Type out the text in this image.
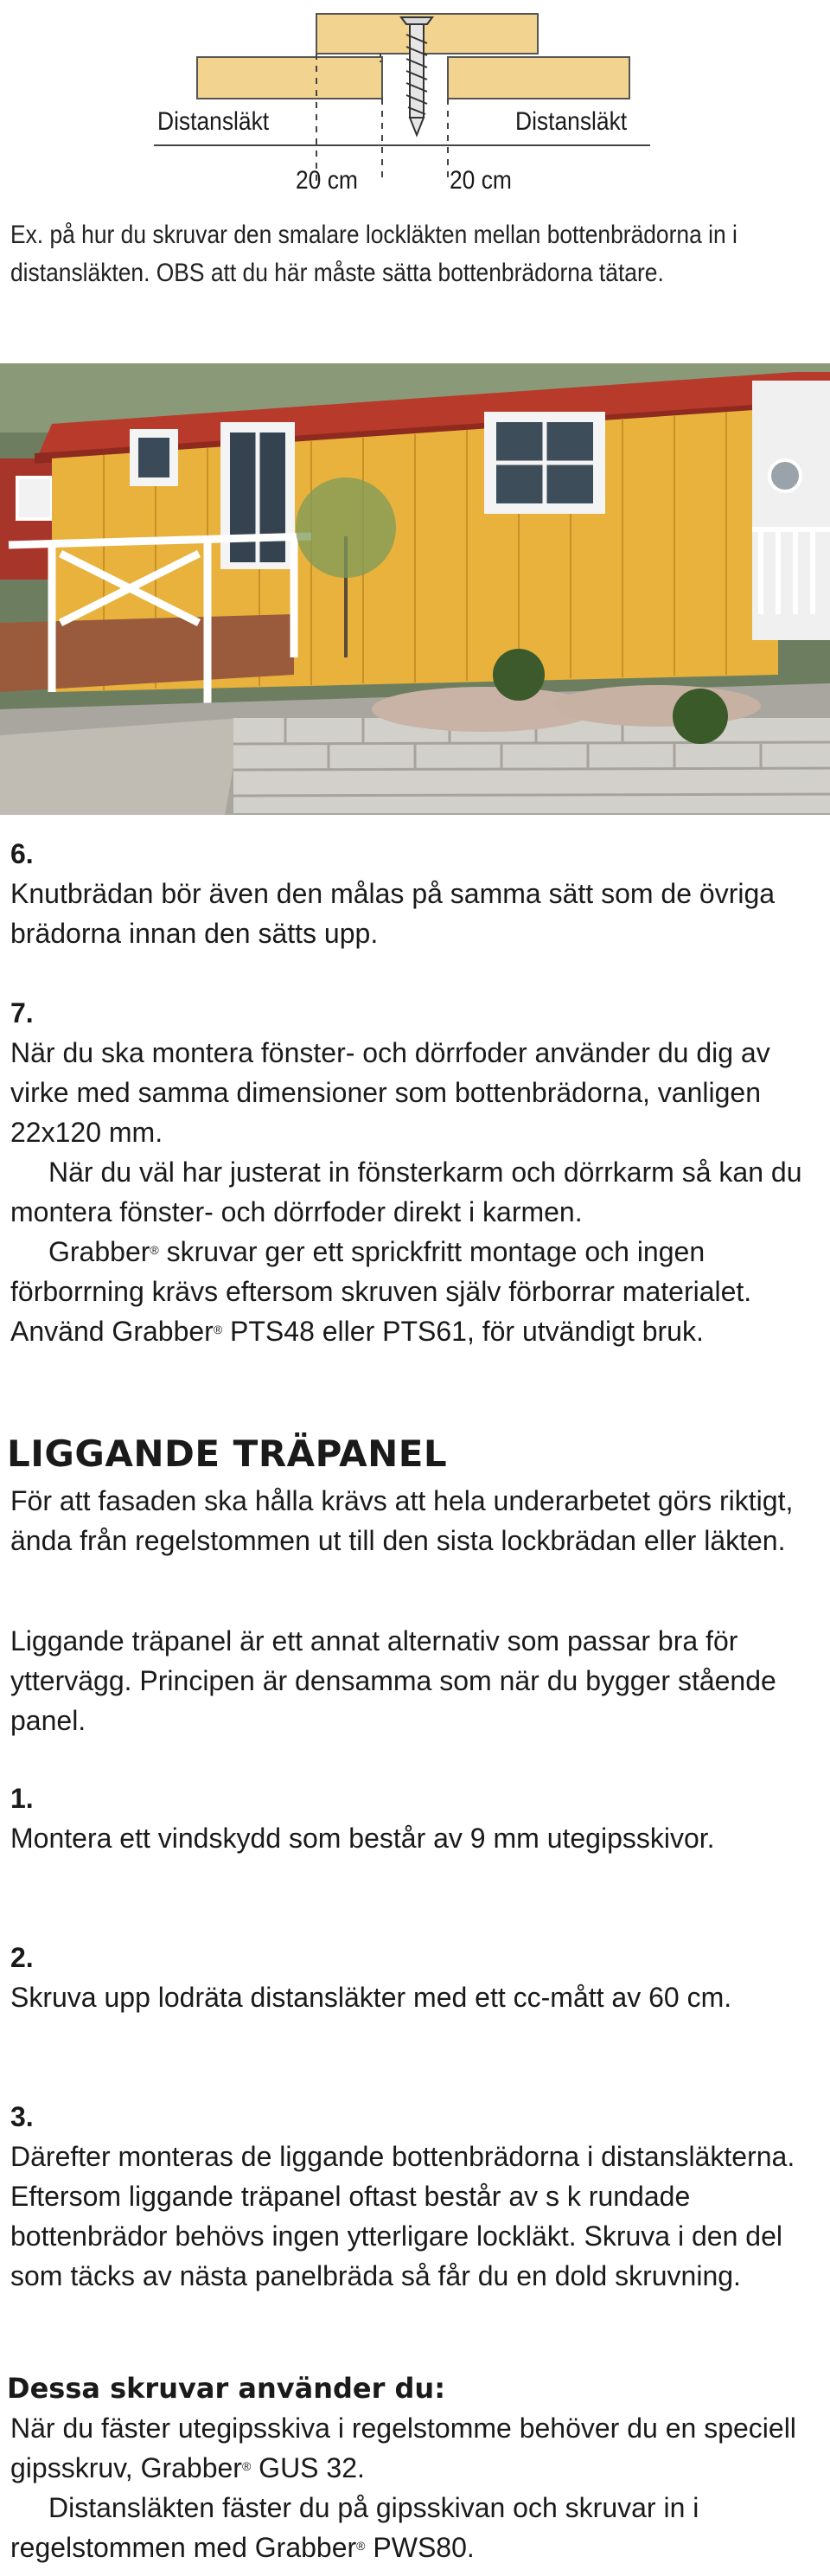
Distansläkt	Distansläkt
20 cm	20 cm
Ex. på hur du skruvar den smalare lockläkten mellan bottenbrädorna in i distansläkten. OBS att du här måste sätta bottenbrädorna tätare.
6.

Knutbrädan bör även den målas på samma sätt som de övriga brädorna innan den sätts upp.

7.

När du ska montera fönster- och dörrfoder använder du dig av virke med samma dimensioner som bottenbrädorna, vanligen 22x120 mm.

När du väl har justerat in fönsterkarm och dörrkarm så kan du montera fönster- och dörrfoder direkt i karmen.

Grabber® skruvar ger ett sprickfritt montage och ingen förborrning krävs eftersom skruven själv förborrar materialet. Använd Grabber® PTS48 eller PTS61, för utvändigt bruk.

LIGGANDE TRÄPANEL

För att fasaden ska hålla krävs att hela underarbetet görs riktigt, ända från regelstommen ut till den sista lockbrädan eller läkten.

Liggande träpanel är ett annat alternativ som passar bra för yttervägg. Principen är densamma som när du bygger stående panel.

1.

Montera ett vindskydd som består av 9 mm utegipsskivor.

2.

Skruva upp lodräta distansläkter med ett cc-mått av 60 cm.

3.

Därefter monteras de liggande bottenbrädorna i distansläkterna. Eftersom liggande träpanel oftast består av s k rundade bottenbrädor behövs ingen ytterligare lockläkt. Skruva i den del som täcks av nästa panelbräda så får du en dold skruvning.

Dessa skruvar använder du:

När du fäster utegipsskiva i regelstomme behöver du en speciell gipsskruv, Grabber® GUS 32.

Distansläkten fäster du på gipsskivan och skruvar in i regelstommen med Grabber® PWS80.
